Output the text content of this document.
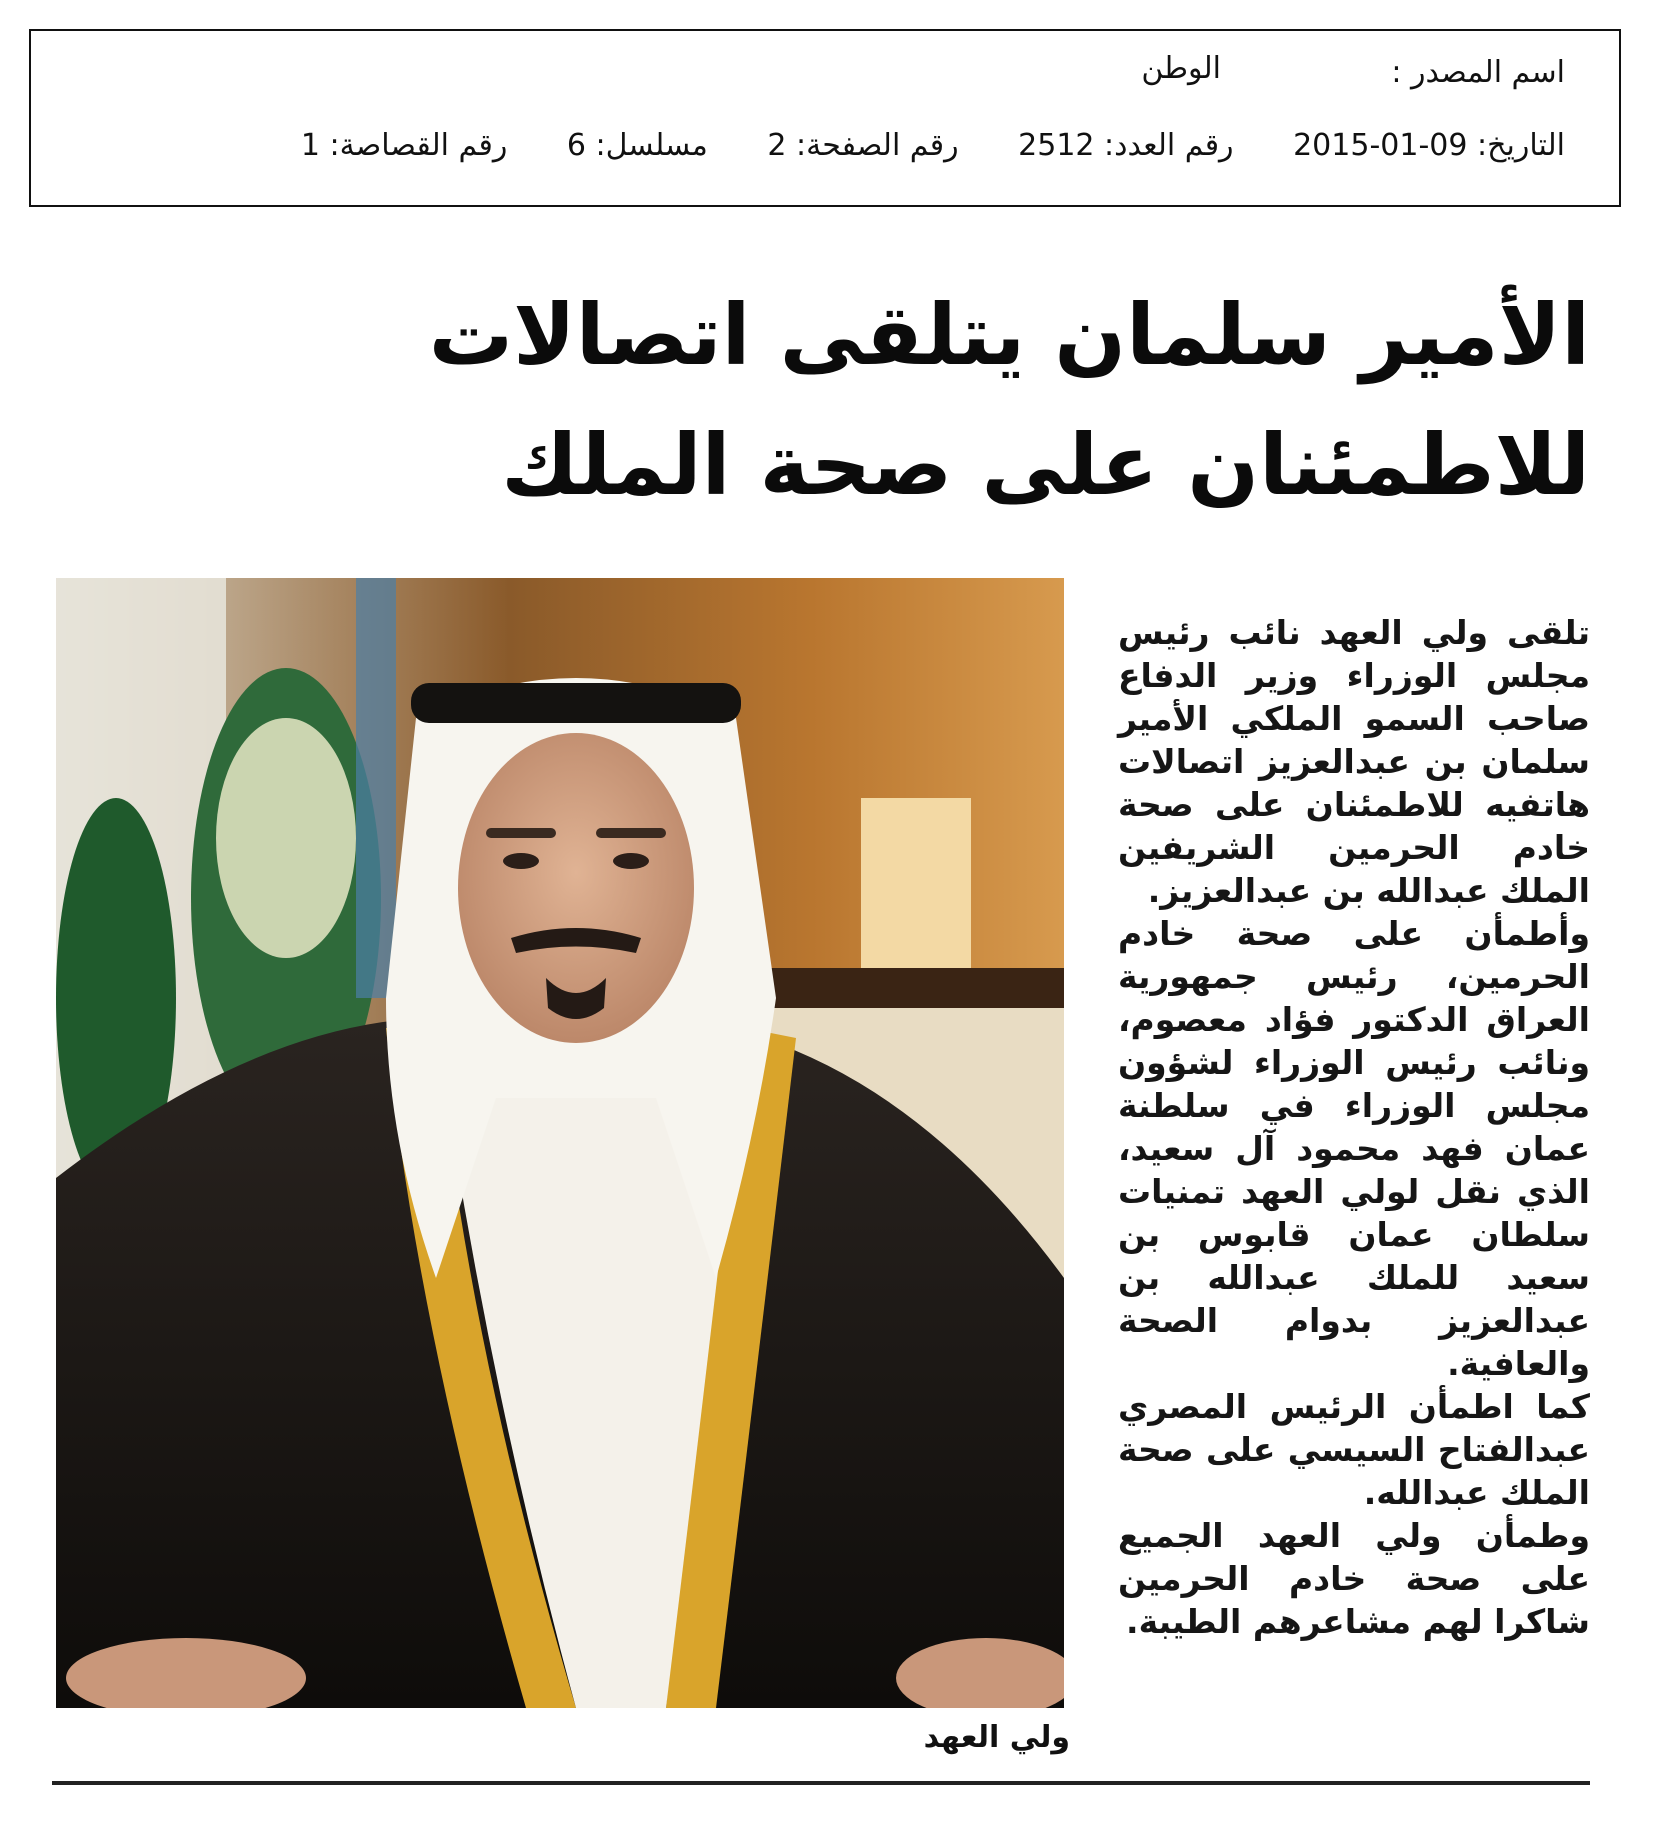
اسم المصدر :
الوطن
التاريخ: 09-01-2015 رقم العدد: 2512 رقم الصفحة: 2 مسلسل: 6 رقم القصاصة: 1
الأمير سلمان يتلقى اتصالات للاطمئنان على صحة الملك
ولي العهد

تلقى ولي العهد نائب رئيس مجلس الوزراء وزير الدفاع صاحب السمو الملكي الأمير سلمان بن عبدالعزيز اتصالات هاتفيه للاطمئنان على صحة خادم الحرمين الشريفين الملك عبدالله بن عبدالعزيز.

وأطمأن على صحة خادم الحرمين، رئيس جمهورية العراق الدكتور فؤاد معصوم، ونائب رئيس الوزراء لشؤون مجلس الوزراء في سلطنة عمان فهد محمود آل سعيد، الذي نقل لولي العهد تمنيات سلطان عمان قابوس بن سعيد للملك عبدالله بن عبدالعزيز بدوام الصحة والعافية.

كما اطمأن الرئيس المصري عبدالفتاح السيسي على صحة الملك عبدالله.

وطمأن ولي العهد الجميع على صحة خادم الحرمين شاكرا لهم مشاعرهم الطيبة.
